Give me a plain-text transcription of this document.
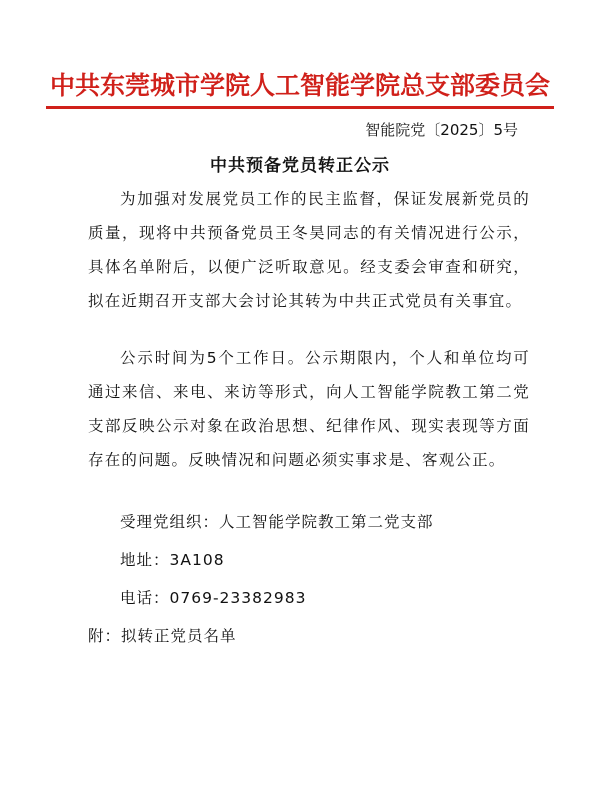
中共东莞城市学院人工智能学院总支部委员会
智能院党〔2025〕5号
中共预备党员转正公示

为加强对发展党员工作的民主监督，保证发展新党员的质量，现将中共预备党员王冬昊同志的有关情况进行公示，具体名单附后，以便广泛听取意见。经支委会审查和研究，拟在近期召开支部大会讨论其转为中共正式党员有关事宜。

公示时间为5个工作日。公示期限内，个人和单位均可通过来信、来电、来访等形式，向人工智能学院教工第二党支部反映公示对象在政治思想、纪律作风、现实表现等方面存在的问题。反映情况和问题必须实事求是、客观公正。

受理党组织：人工智能学院教工第二党支部
地址：3A108
电话：0769-23382983
附：拟转正党员名单
